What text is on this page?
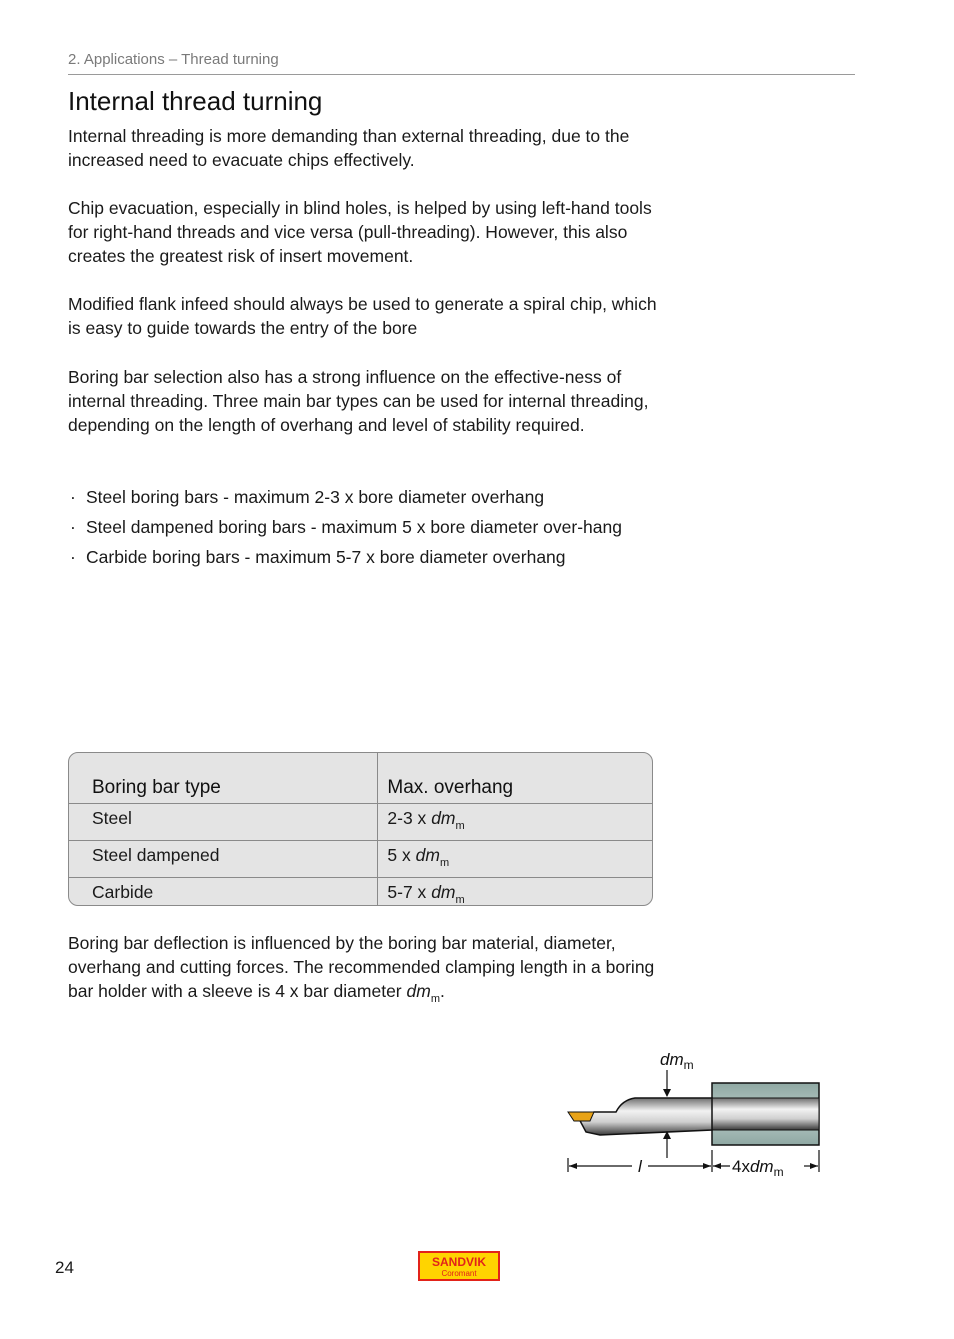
2. Applications – Thread turning
Internal thread turning

Internal threading is more demanding than external threading, due to the increased need to evacuate chips effectively.

Chip evacuation, especially in blind holes, is helped by using left-hand tools for right-hand threads and vice versa (pull-threading). However, this also creates the greatest risk of insert movement.

Modified flank infeed should always be used to generate a spiral chip, which is easy to guide towards the entry of the bore

Boring bar selection also has a strong influence on the effective-ness of internal threading. Three main bar types can be used for internal threading, depending on the length of overhang and level of stability required.

· Steel boring bars - maximum 2-3 x bore diameter overhang
· Steel dampened boring bars - maximum 5 x bore diameter over-hang
· Carbide boring bars - maximum 5-7 x bore diameter overhang
Boring bar type	Max. overhang
Steel	2-3 x $dm_m$
Steel dampened	5 x $dm_m$
Carbide	5-7 x $dm_m$

Boring bar deflection is influenced by the boring bar material, diameter, overhang and cutting forces. The recommended clamping length in a boring bar holder with a sleeve is 4 x bar diameter $dm_m$.

$dm_m$
l	4xdm$_m$
24	SANDVIK
Coromant
